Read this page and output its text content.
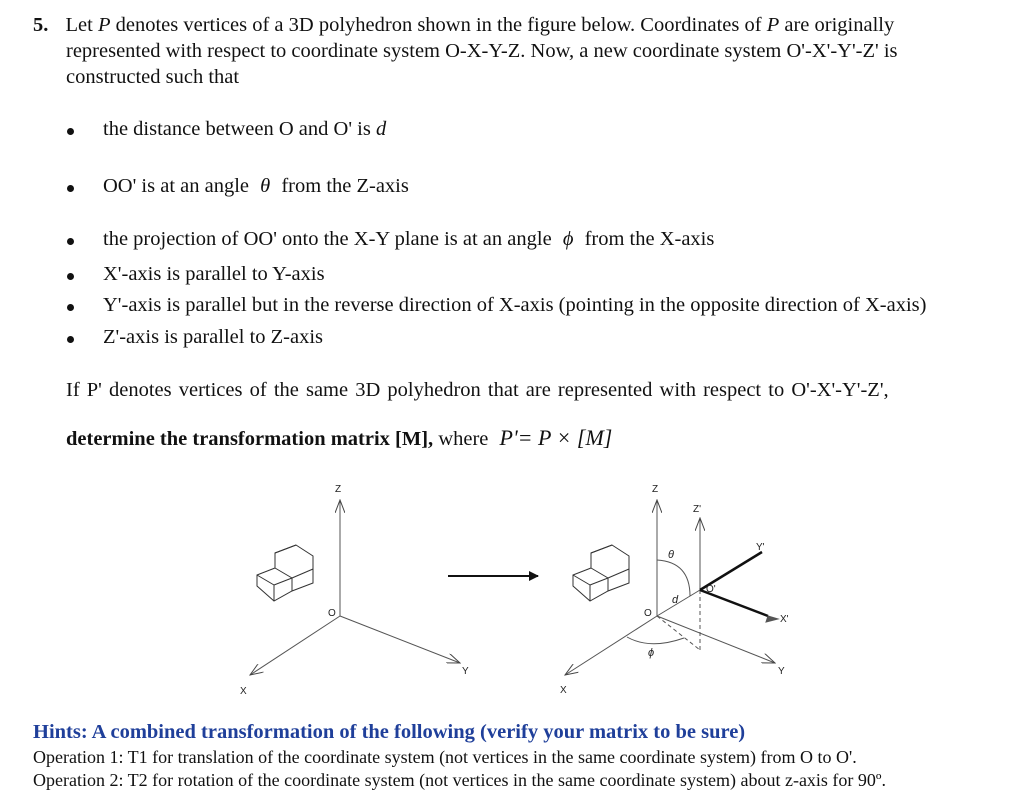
5. Let P denotes vertices of a 3D polyhedron shown in the figure below. Coordinates of P are originally
represented with respect to coordinate system O-X-Y-Z. Now, a new coordinate system O'-X'-Y'-Z' is
constructed such that
the distance between O and O' is d
OO' is at an angle θ from the Z-axis
the projection of OO' onto the X-Y plane is at an angle ϕ from the X-axis
X'-axis is parallel to Y-axis
Y'-axis is parallel but in the reverse direction of X-axis (pointing in the opposite direction of X-axis)
Z'-axis is parallel to Z-axis
If P' denotes vertices of the same 3D polyhedron that are represented with respect to O'-X'-Y'-Z',
determine the transformation matrix [M], where P'= P × [M]
Z
O
X
Y
Z
O
X
Y
θ
d
ϕ
Z'
Y'
X'
O'
Hints: A combined transformation of the following (verify your matrix to be sure)
Operation 1: T1 for translation of the coordinate system (not vertices in the same coordinate system) from O to O'.
Operation 2: T2 for rotation of the coordinate system (not vertices in the same coordinate system) about z-axis for 90º.
